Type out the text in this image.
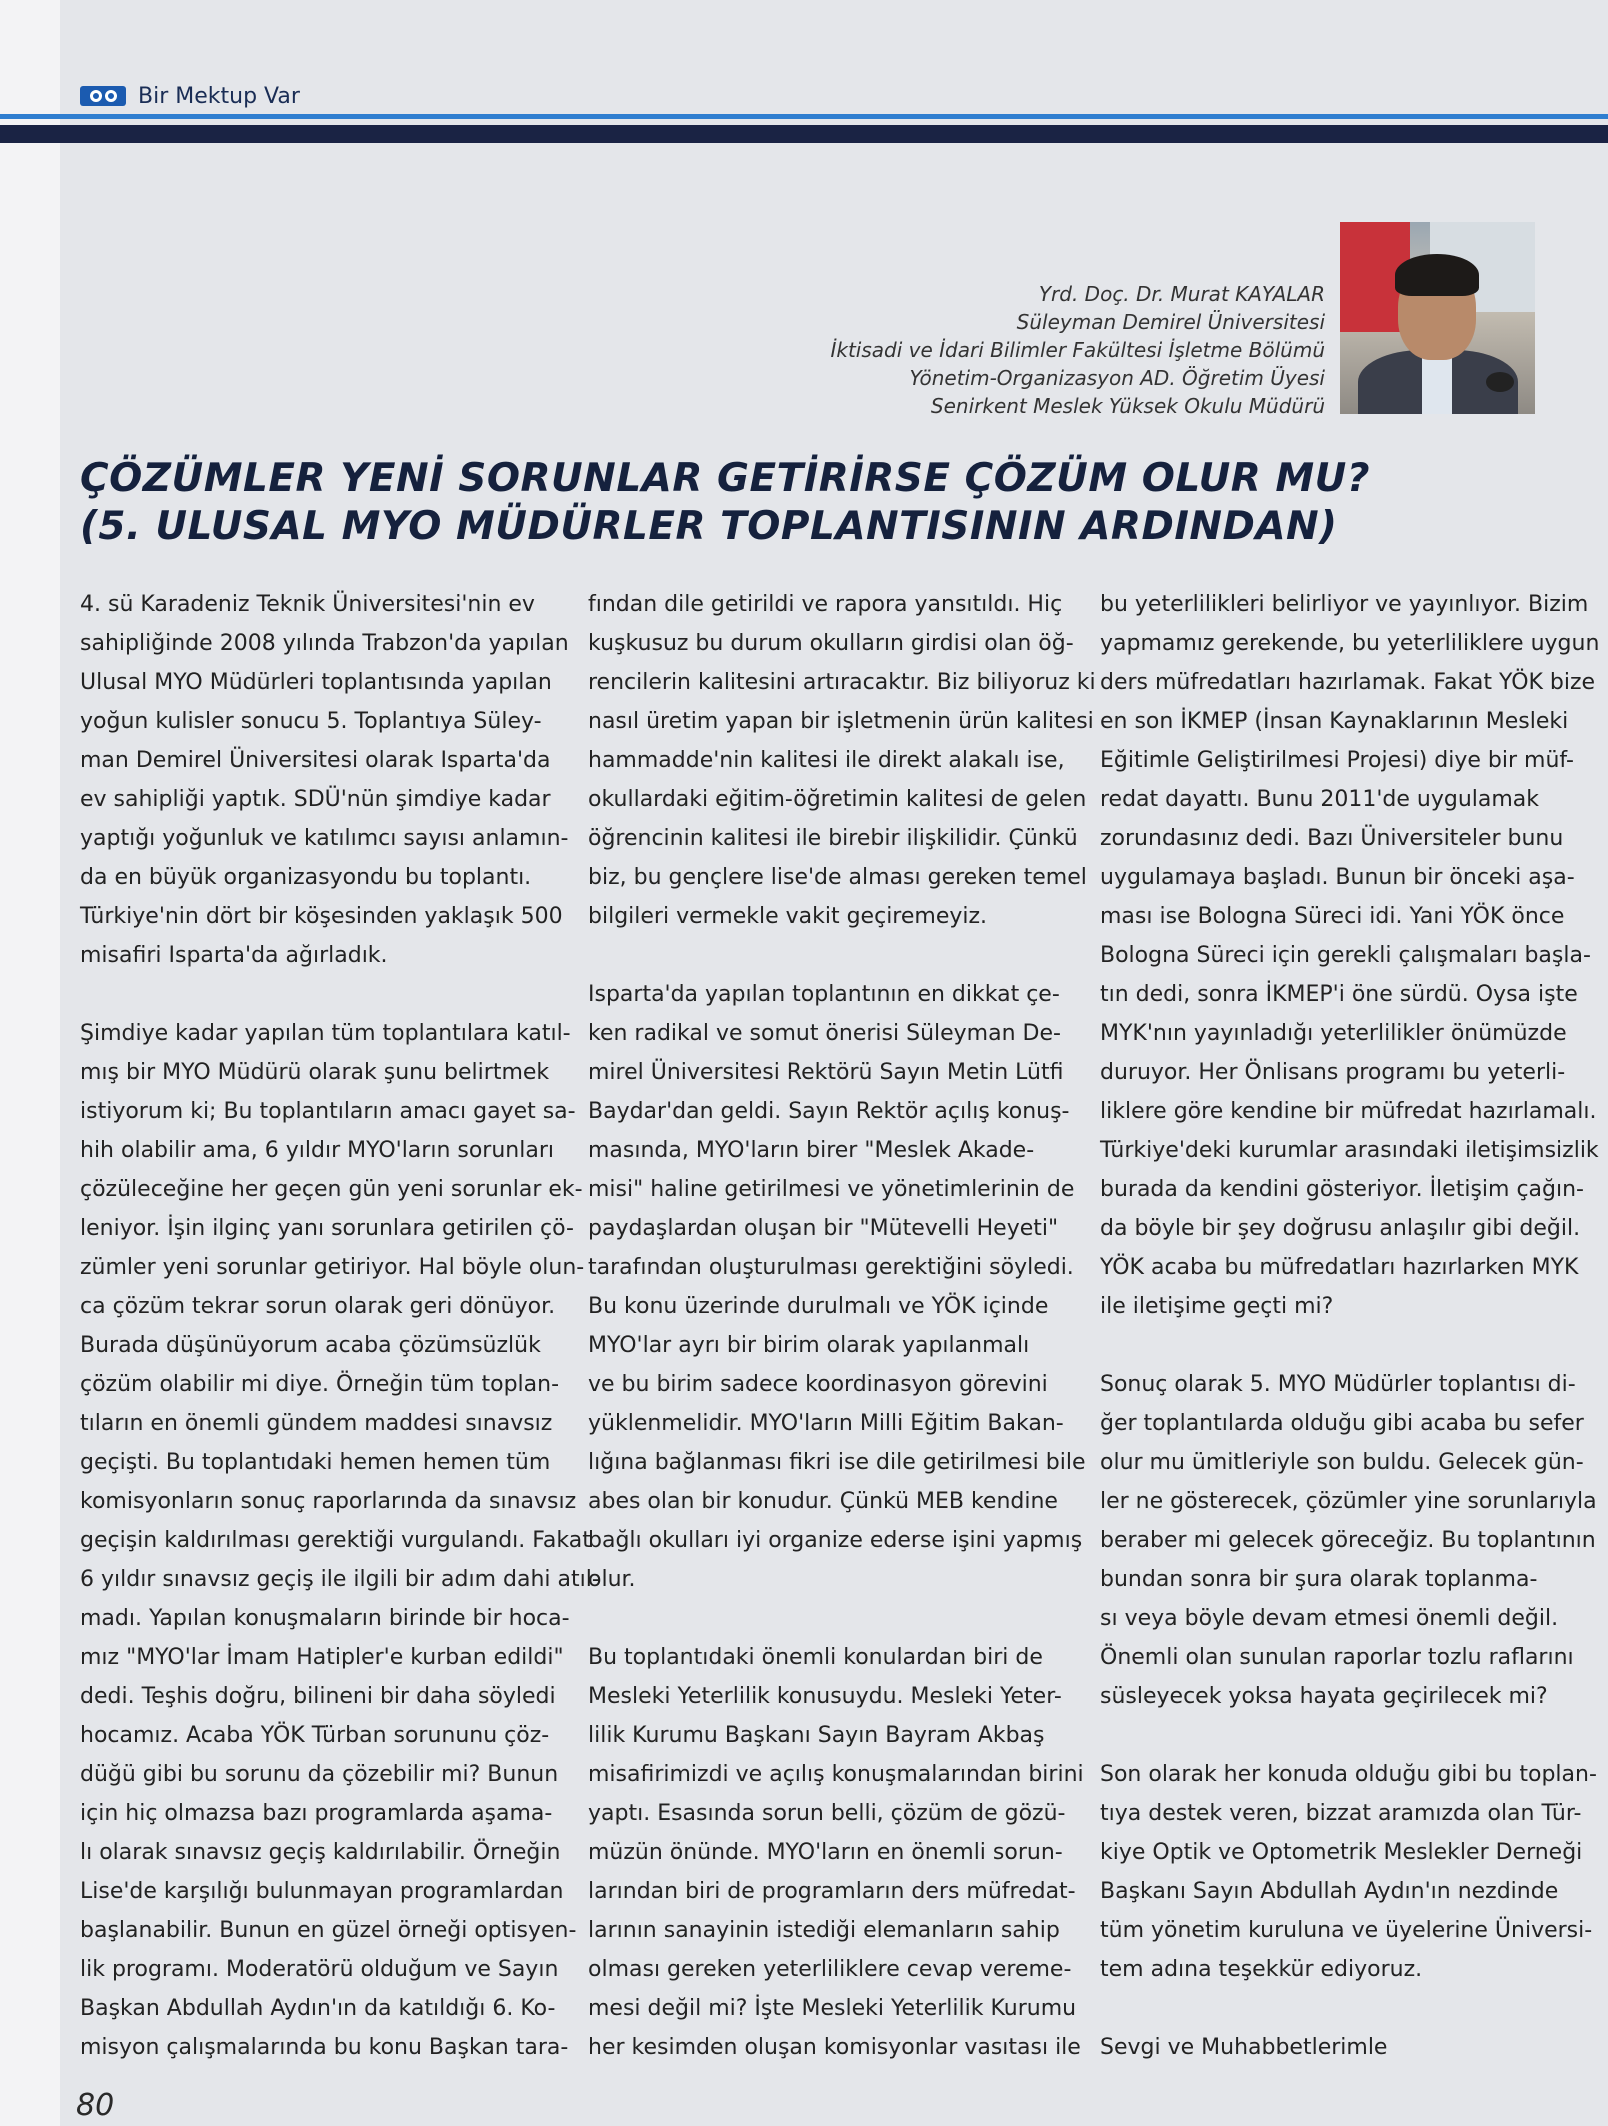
Bir Mektup Var
Yrd. Doç. Dr. Murat KAYALAR
Süleyman Demirel Üniversitesi
İktisadi ve İdari Bilimler Fakültesi İşletme Bölümü
Yönetim-Organizasyon AD. Öğretim Üyesi
Senirkent Meslek Yüksek Okulu Müdürü
ÇÖZÜMLER YENİ SORUNLAR GETİRİRSE ÇÖZÜM OLUR MU?
(5. ULUSAL MYO MÜDÜRLER TOPLANTISININ ARDINDAN)
4. sü Karadeniz Teknik Üniversitesi'nin ev
sahipliğinde 2008 yılında Trabzon'da yapılan
Ulusal MYO Müdürleri toplantısında yapılan
yoğun kulisler sonucu 5. Toplantıya Süley-
man Demirel Üniversitesi olarak Isparta'da
ev sahipliği yaptık. SDÜ'nün şimdiye kadar
yaptığı yoğunluk ve katılımcı sayısı anlamın-
da en büyük organizasyondu bu toplantı.
Türkiye'nin dört bir köşesinden yaklaşık 500
misafiri Isparta'da ağırladık.
Şimdiye kadar yapılan tüm toplantılara katıl-
mış bir MYO Müdürü olarak şunu belirtmek
istiyorum ki; Bu toplantıların amacı gayet sa-
hih olabilir ama, 6 yıldır MYO'ların sorunları
çözüleceğine her geçen gün yeni sorunlar ek-
leniyor. İşin ilginç yanı sorunlara getirilen çö-
zümler yeni sorunlar getiriyor. Hal böyle olun-
ca çözüm tekrar sorun olarak geri dönüyor.
Burada düşünüyorum acaba çözümsüzlük
çözüm olabilir mi diye. Örneğin tüm toplan-
tıların en önemli gündem maddesi sınavsız
geçişti. Bu toplantıdaki hemen hemen tüm
komisyonların sonuç raporlarında da sınavsız
geçişin kaldırılması gerektiği vurgulandı. Fakat
6 yıldır sınavsız geçiş ile ilgili bir adım dahi atıl-
madı. Yapılan konuşmaların birinde bir hoca-
mız "MYO'lar İmam Hatipler'e kurban edildi"
dedi. Teşhis doğru, bilineni bir daha söyledi
hocamız. Acaba YÖK Türban sorununu çöz-
düğü gibi bu sorunu da çözebilir mi? Bunun
için hiç olmazsa bazı programlarda aşama-
lı olarak sınavsız geçiş kaldırılabilir. Örneğin
Lise'de karşılığı bulunmayan programlardan
başlanabilir. Bunun en güzel örneği optisyen-
lik programı. Moderatörü olduğum ve Sayın
Başkan Abdullah Aydın'ın da katıldığı 6. Ko-
misyon çalışmalarında bu konu Başkan tara-
fından dile getirildi ve rapora yansıtıldı. Hiç
kuşkusuz bu durum okulların girdisi olan öğ-
rencilerin kalitesini artıracaktır. Biz biliyoruz ki
nasıl üretim yapan bir işletmenin ürün kalitesi
hammadde'nin kalitesi ile direkt alakalı ise,
okullardaki eğitim-öğretimin kalitesi de gelen
öğrencinin kalitesi ile birebir ilişkilidir. Çünkü
biz, bu gençlere lise'de alması gereken temel
bilgileri vermekle vakit geçiremeyiz.
Isparta'da yapılan toplantının en dikkat çe-
ken radikal ve somut önerisi Süleyman De-
mirel Üniversitesi Rektörü Sayın Metin Lütfi
Baydar'dan geldi. Sayın Rektör açılış konuş-
masında, MYO'ların birer "Meslek Akade-
misi" haline getirilmesi ve yönetimlerinin de
paydaşlardan oluşan bir "Mütevelli Heyeti"
tarafından oluşturulması gerektiğini söyledi.
Bu konu üzerinde durulmalı ve YÖK içinde
MYO'lar ayrı bir birim olarak yapılanmalı
ve bu birim sadece koordinasyon görevini
yüklenmelidir. MYO'ların Milli Eğitim Bakan-
lığına bağlanması fikri ise dile getirilmesi bile
abes olan bir konudur. Çünkü MEB kendine
bağlı okulları iyi organize ederse işini yapmış
olur.
Bu toplantıdaki önemli konulardan biri de
Mesleki Yeterlilik konusuydu. Mesleki Yeter-
lilik Kurumu Başkanı Sayın Bayram Akbaş
misafirimizdi ve açılış konuşmalarından birini
yaptı. Esasında sorun belli, çözüm de gözü-
müzün önünde. MYO'ların en önemli sorun-
larından biri de programların ders müfredat-
larının sanayinin istediği elemanların sahip
olması gereken yeterliliklere cevap vereme-
mesi değil mi? İşte Mesleki Yeterlilik Kurumu
her kesimden oluşan komisyonlar vasıtası ile
bu yeterlilikleri belirliyor ve yayınlıyor. Bizim
yapmamız gerekende, bu yeterliliklere uygun
ders müfredatları hazırlamak. Fakat YÖK bize
en son İKMEP (İnsan Kaynaklarının Mesleki
Eğitimle Geliştirilmesi Projesi) diye bir müf-
redat dayattı. Bunu 2011'de uygulamak
zorundasınız dedi. Bazı Üniversiteler bunu
uygulamaya başladı. Bunun bir önceki aşa-
ması ise Bologna Süreci idi. Yani YÖK önce
Bologna Süreci için gerekli çalışmaları başla-
tın dedi, sonra İKMEP'i öne sürdü. Oysa işte
MYK'nın yayınladığı yeterlilikler önümüzde
duruyor. Her Önlisans programı bu yeterli-
liklere göre kendine bir müfredat hazırlamalı.
Türkiye'deki kurumlar arasındaki iletişimsizlik
burada da kendini gösteriyor. İletişim çağın-
da böyle bir şey doğrusu anlaşılır gibi değil.
YÖK acaba bu müfredatları hazırlarken MYK
ile iletişime geçti mi?
Sonuç olarak 5. MYO Müdürler toplantısı di-
ğer toplantılarda olduğu gibi acaba bu sefer
olur mu ümitleriyle son buldu. Gelecek gün-
ler ne gösterecek, çözümler yine sorunlarıyla
beraber mi gelecek göreceğiz. Bu toplantının
bundan sonra bir şura olarak toplanma-
sı veya böyle devam etmesi önemli değil.
Önemli olan sunulan raporlar tozlu raflarını
süsleyecek yoksa hayata geçirilecek mi?
Son olarak her konuda olduğu gibi bu toplan-
tıya destek veren, bizzat aramızda olan Tür-
kiye Optik ve Optometrik Meslekler Derneği
Başkanı Sayın Abdullah Aydın'ın nezdinde
tüm yönetim kuruluna ve üyelerine Üniversi-
tem adına teşekkür ediyoruz.
Sevgi ve Muhabbetlerimle
80
